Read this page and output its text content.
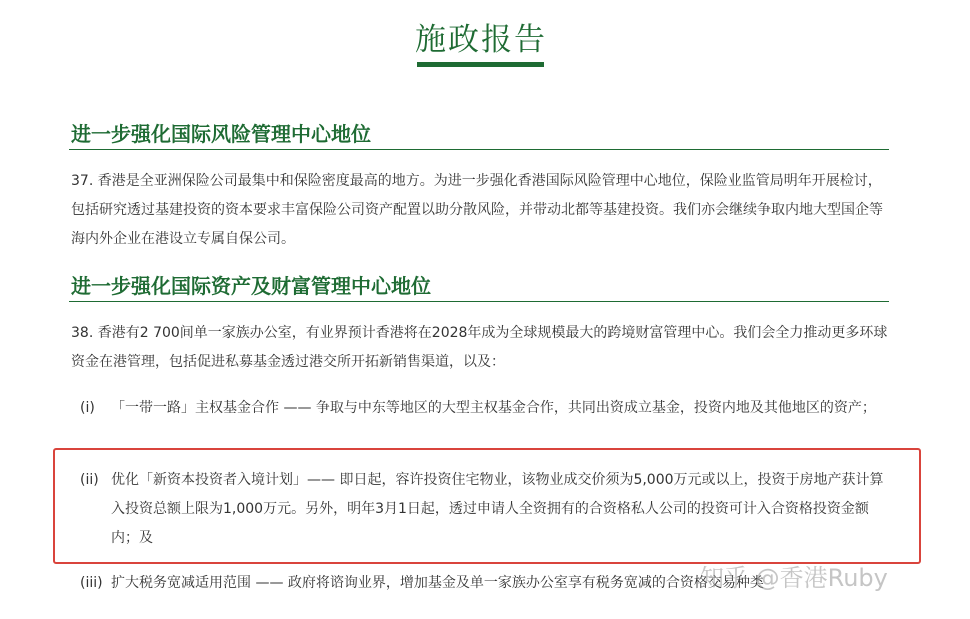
施政报告
进一步强化国际风险管理中心地位

37. 香港是全亚洲保险公司最集中和保险密度最高的地方。为进一步强化香港国际风险管理中心地位，保险业监管局明年开展检讨，包括研究透过基建投资的资本要求丰富保险公司资产配置以助分散风险，并带动北都等基建投资。我们亦会继续争取内地大型国企等海内外企业在港设立专属自保公司。

进一步强化国际资产及财富管理中心地位

38. 香港有2 700间单一家族办公室，有业界预计香港将在2028年成为全球规模最大的跨境财富管理中心。我们会全力推动更多环球资金在港管理，包括促进私募基金透过港交所开拓新销售渠道，以及：

(i) 「一带一路」主权基金合作 —— 争取与中东等地区的大型主权基金合作，共同出资成立基金，投资内地及其他地区的资产；
(ii) 优化「新资本投资者入境计划」—— 即日起，容许投资住宅物业，该物业成交价须为5,000万元或以上，投资于房地产获计算入投资总额上限为1,000万元。另外，明年3月1日起，透过申请人全资拥有的合资格私人公司的投资可计入合资格投资金额内；及
(iii) 扩大税务宽减适用范围 —— 政府将谘询业界，增加基金及单一家族办公室享有税务宽减的合资格交易种类
知乎 @香港Ruby
